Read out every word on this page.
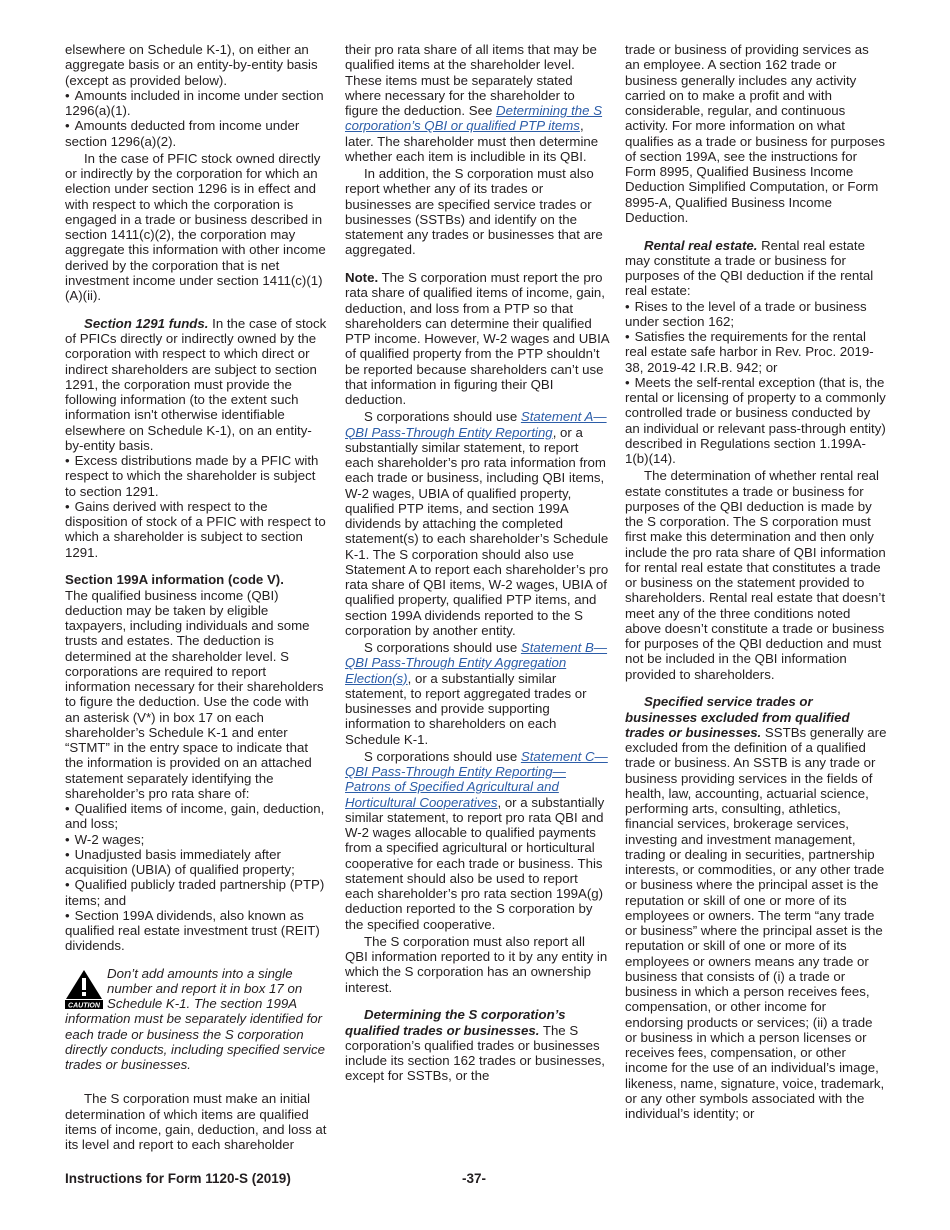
elsewhere on Schedule K-1), on either an aggregate basis or an entity-by-entity basis (except as provided below).

• Amounts included in income under section 1296(a)(1).

• Amounts deducted from income under section 1296(a)(2).

In the case of PFIC stock owned directly or indirectly by the corporation for which an election under section 1296 is in effect and with respect to which the corporation is engaged in a trade or business described in section 1411(c)(2), the corporation may aggregate this information with other income derived by the corporation that is net investment income under section 1411(c)(1)(A)(ii).

Section 1291 funds. In the case of stock of PFICs directly or indirectly owned by the corporation with respect to which direct or indirect shareholders are subject to section 1291, the corporation must provide the following information (to the extent such information isn't otherwise identifiable elsewhere on Schedule K-1), on an entity-by-entity basis.

• Excess distributions made by a PFIC with respect to which the shareholder is subject to section 1291.

• Gains derived with respect to the disposition of stock of a PFIC with respect to which a shareholder is subject to section 1291.

Section 199A information (code V).

The qualified business income (QBI) deduction may be taken by eligible taxpayers, including individuals and some trusts and estates. The deduction is determined at the shareholder level. S corporations are required to report information necessary for their shareholders to figure the deduction. Use the code with an asterisk (V*) in box 17 on each shareholder’s Schedule K-1 and enter “STMT” in the entry space to indicate that the information is provided on an attached statement separately identifying the shareholder’s pro rata share of:

• Qualified items of income, gain, deduction, and loss;

• W-2 wages;

• Unadjusted basis immediately after acquisition (UBIA) of qualified property;

• Qualified publicly traded partnership (PTP) items; and

• Section 199A dividends, also known as qualified real estate investment trust (REIT) dividends.

CAUTION
Don’t add amounts into a single number and report it in box 17 on Schedule K-1. The section 199A information must be separately identified for each trade or business the S corporation directly conducts, including specified service trades or businesses.

The S corporation must make an initial determination of which items are qualified items of income, gain, deduction, and loss at its level and report to each shareholder

their pro rata share of all items that may be qualified items at the shareholder level. These items must be separately stated where necessary for the shareholder to figure the deduction. See Determining the S corporation’s QBI or qualified PTP items, later. The shareholder must then determine whether each item is includible in its QBI.

In addition, the S corporation must also report whether any of its trades or businesses are specified service trades or businesses (SSTBs) and identify on the statement any trades or businesses that are aggregated.

Note. The S corporation must report the pro rata share of qualified items of income, gain, deduction, and loss from a PTP so that shareholders can determine their qualified PTP income. However, W-2 wages and UBIA of qualified property from the PTP shouldn’t be reported because shareholders can’t use that information in figuring their QBI deduction.

S corporations should use Statement A—QBI Pass-Through Entity Reporting, or a substantially similar statement, to report each shareholder’s pro rata information from each trade or business, including QBI items, W-2 wages, UBIA of qualified property, qualified PTP items, and section 199A dividends by attaching the completed statement(s) to each shareholder’s Schedule K-1. The S corporation should also use Statement A to report each shareholder’s pro rata share of QBI items, W-2 wages, UBIA of qualified property, qualified PTP items, and section 199A dividends reported to the S corporation by another entity.

S corporations should use Statement B—QBI Pass-Through Entity Aggregation Election(s), or a substantially similar statement, to report aggregated trades or businesses and provide supporting information to shareholders on each Schedule K-1.

S corporations should use Statement C—QBI Pass-Through Entity Reporting—Patrons of Specified Agricultural and Horticultural Cooperatives, or a substantially similar statement, to report pro rata QBI and W-2 wages allocable to qualified payments from a specified agricultural or horticultural cooperative for each trade or business. This statement should also be used to report each shareholder’s pro rata section 199A(g) deduction reported to the S corporation by the specified cooperative.

The S corporation must also report all QBI information reported to it by any entity in which the S corporation has an ownership interest.

Determining the S corporation’s qualified trades or businesses. The S corporation’s qualified trades or businesses include its section 162 trades or businesses, except for SSTBs, or the

trade or business of providing services as an employee. A section 162 trade or business generally includes any activity carried on to make a profit and with considerable, regular, and continuous activity. For more information on what qualifies as a trade or business for purposes of section 199A, see the instructions for Form 8995, Qualified Business Income Deduction Simplified Computation, or Form 8995-A, Qualified Business Income Deduction.

Rental real estate. Rental real estate may constitute a trade or business for purposes of the QBI deduction if the rental real estate:

• Rises to the level of a trade or business under section 162;

• Satisfies the requirements for the rental real estate safe harbor in Rev. Proc. 2019-38, 2019-42 I.R.B. 942; or

• Meets the self-rental exception (that is, the rental or licensing of property to a commonly controlled trade or business conducted by an individual or relevant pass-through entity) described in Regulations section 1.199A-1(b)(14).

The determination of whether rental real estate constitutes a trade or business for purposes of the QBI deduction is made by the S corporation. The S corporation must first make this determination and then only include the pro rata share of QBI information for rental real estate that constitutes a trade or business on the statement provided to shareholders. Rental real estate that doesn’t meet any of the three conditions noted above doesn’t constitute a trade or business for purposes of the QBI deduction and must not be included in the QBI information provided to shareholders.

Specified service trades or businesses excluded from qualified trades or businesses. SSTBs generally are excluded from the definition of a qualified trade or business. An SSTB is any trade or business providing services in the fields of health, law, accounting, actuarial science, performing arts, consulting, athletics, financial services, brokerage services, investing and investment management, trading or dealing in securities, partnership interests, or commodities, or any other trade or business where the principal asset is the reputation or skill of one or more of its employees or owners. The term “any trade or business” where the principal asset is the reputation or skill of one or more of its employees or owners means any trade or business that consists of (i) a trade or business in which a person receives fees, compensation, or other income for endorsing products or services; (ii) a trade or business in which a person licenses or receives fees, compensation, or other income for the use of an individual’s image, likeness, name, signature, voice, trademark, or any other symbols associated with the individual’s identity; or

Instructions for Form 1120-S (2019)	-37-
